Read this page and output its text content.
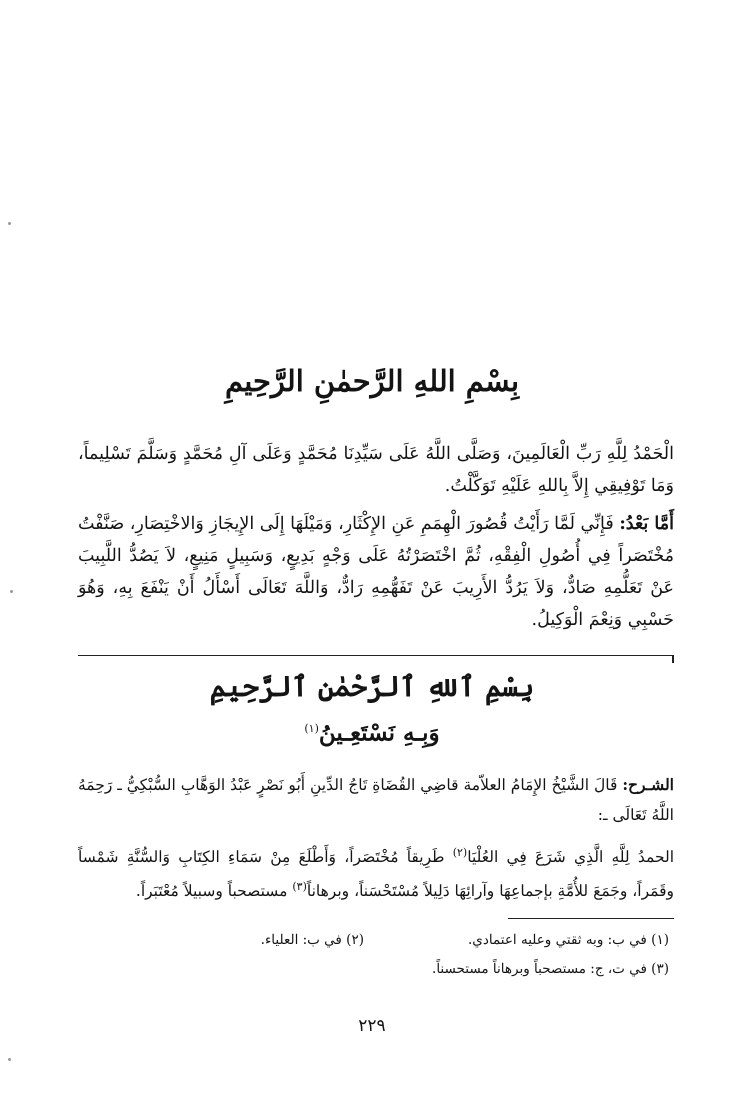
بِسْمِ اللهِ الرَّحمٰنِ الرَّحِيمِ
الْحَمْدُ لِلَّهِ رَبِّ الْعَالَمِينَ، وَصَلَّى اللَّهُ عَلَى سَيِّدِنَا مُحَمَّدٍ وَعَلَى آلِ مُحَمَّدٍ وَسَلَّمَ تَسْلِيماً، وَمَا تَوْفِيقِي إِلاَّ بِاللهِ عَلَيْهِ تَوَكَّلْتُ.
أَمَّا بَعْدُ: فَإِنِّي لَمَّا رَأَيْتُ قُصُورَ الْهِمَمِ عَنِ الإِكْثَارِ، وَمَيْلَهَا إِلَى الإِيجَازِ وَالاخْتِصَارِ، صَنَّفْتُ مُخْتَصَراً فِي أُصُولِ الْفِقْهِ، ثُمَّ اخْتَصَرْتُهُ عَلَى وَجْهٍ بَدِيعٍ، وَسَبِيلٍ مَنِيعٍ، لاَ يَصُدُّ اللَّبِيبَ عَنْ تَعَلُّمِهِ صَادٌّ، وَلاَ يَرُدُّ الأَرِيبَ عَنْ تَفَهُّمِهِ رَادٌّ، وَاللَّهَ تَعَالَى أَسْأَلُ أَنْ يَنْفَعَ بِهِ، وَهُوَ حَسْبِي وَنِعْمَ الْوَكِيلُ.
بِسْمِ ٱللهِ ٱلرَّحْمٰنِ ٱلرَّحِيمِ
وَبِـهِ نَسْتَعِـينُ$^{(١)}$
الشـرح: قَالَ الشَّيْخُ الإِمَامُ العلاّمة قاضِي القُضَاةِ تَاجُ الدِّينِ أَبُو نَصْرٍ عَبْدُ الوَهَّابِ السُّبْكِيُّ ـ رَحِمَهُ اللَّهُ تَعَالَى ـ:
الحمدُ لِلَّهِ الَّذِي شَرَعَ فِي العُلْيَا$^{(٢)}$ طَرِيقاً مُخْتَصَراً، وَأَطْلَعَ مِنْ سَمَاءِ الكِتَابِ وَالسُّنَّةِ شَمْساً وقَمَراً، وجَمَعَ للأُمَّةِ بإجماعِهَا وآرائِهَا دَلِيلاً مُسْتَحْسَناً، وبرهاناً$^{(٣)}$ مستصحباً وسبيلاً مُعْتَبَراً.
(١) في ب: وبه ثقتي وعليه اعتمادي.
(٢) في ب: العلياء.
(٣) في ت، ج: مستصحباً وبرهاناً مستحسناً.
٢٢٩
